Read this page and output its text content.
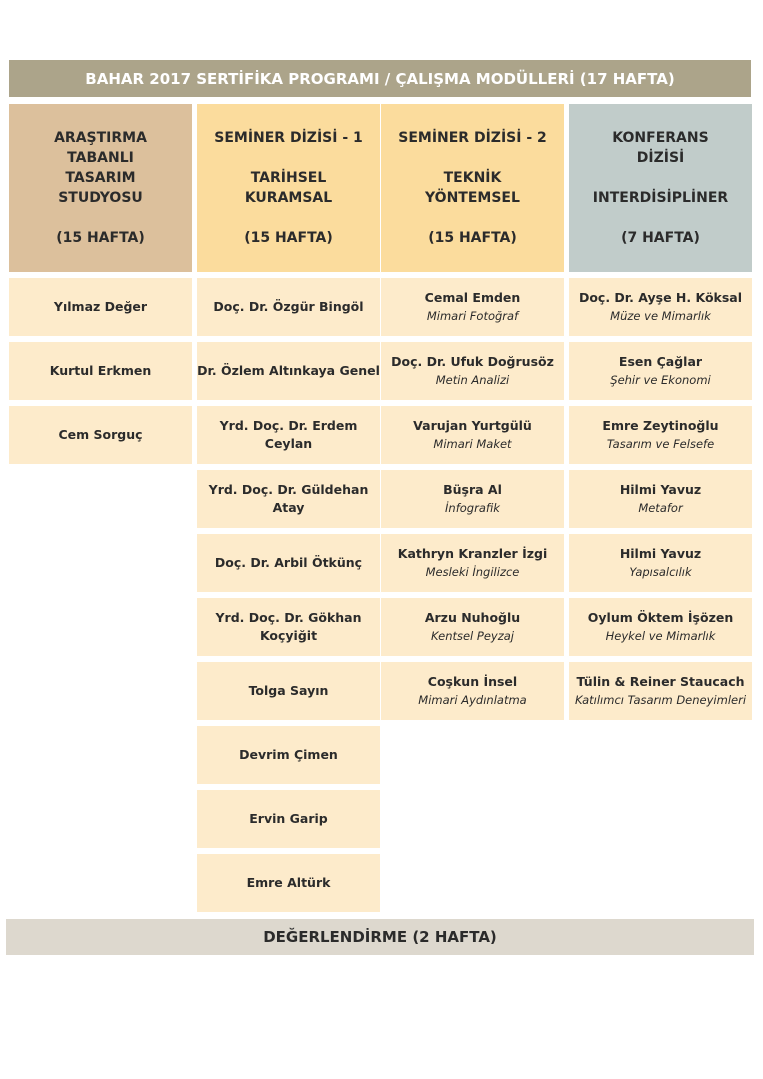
BAHAR 2017 SERTİFİKA PROGRAMI / ÇALIŞMA MODÜLLERİ (17 HAFTA)
ARAŞTIRMA
TABANLI
TASARIM
STUDYOSU
(15 HAFTA)
Yılmaz Değer
Kurtul Erkmen
Cem Sorguç
SEMİNER DİZİSİ - 1

TARİHSEL
KURAMSAL
(15 HAFTA)
Doç. Dr. Özgür Bingöl
Dr. Özlem Altınkaya Genel
Yrd. Doç. Dr. Erdem Ceylan
Yrd. Doç. Dr. Güldehan Atay
Doç. Dr. Arbil Ötkünç
Yrd. Doç. Dr. Gökhan Koçyiğit
Tolga Sayın
Devrim Çimen
Ervin Garip
Emre Altürk
SEMİNER DİZİSİ - 2

TEKNİK
YÖNTEMSEL
(15 HAFTA)
Cemal Emden
Mimari Fotoğraf
Doç. Dr. Ufuk Doğrusöz
Metin Analizi
Varujan Yurtgülü
Mimari Maket
Büşra Al
İnfografik
Kathryn Kranzler İzgi
Mesleki İngilizce
Arzu Nuhoğlu
Kentsel Peyzaj
Coşkun İnsel
Mimari Aydınlatma
KONFERANS
DİZİSİ

INTERDİSİPLİNER
(7 HAFTA)
Doç. Dr. Ayşe H. Köksal
Müze ve Mimarlık
Esen Çağlar
Şehir ve Ekonomi
Emre Zeytinoğlu
Tasarım ve Felsefe
Hilmi Yavuz
Metafor
Hilmi Yavuz
Yapısalcılık
Oylum Öktem İşözen
Heykel ve Mimarlık
Tülin & Reiner Staucach
Katılımcı Tasarım Deneyimleri
DEĞERLENDİRME (2 HAFTA)
